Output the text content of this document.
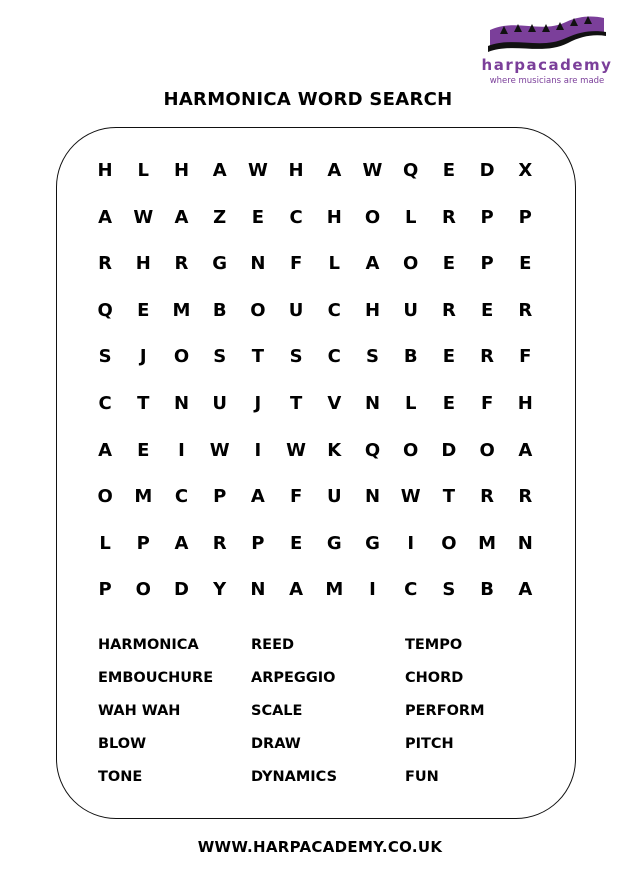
harpacademy
where musicians are made
HARMONICA WORD SEARCH
H	L	H	A	W	H	A	W	Q	E	D	X
A	W	A	Z	E	C	H	O	L	R	P	P
R	H	R	G	N	F	L	A	O	E	P	E
Q	E	M	B	O	U	C	H	U	R	E	R
S	J	O	S	T	S	C	S	B	E	R	F
C	T	N	U	J	T	V	N	L	E	F	H
A	E	I	W	I	W	K	Q	O	D	O	A
O	M	C	P	A	F	U	N	W	T	R	R
L	P	A	R	P	E	G	G	I	O	M	N
P	O	D	Y	N	A	M	I	C	S	B	A
HARMONICA	REED	TEMPO
EMBOUCHURE	ARPEGGIO	CHORD
WAH WAH	SCALE	PERFORM
BLOW	DRAW	PITCH
TONE	DYNAMICS	FUN
WWW.HARPACADEMY.CO.UK
